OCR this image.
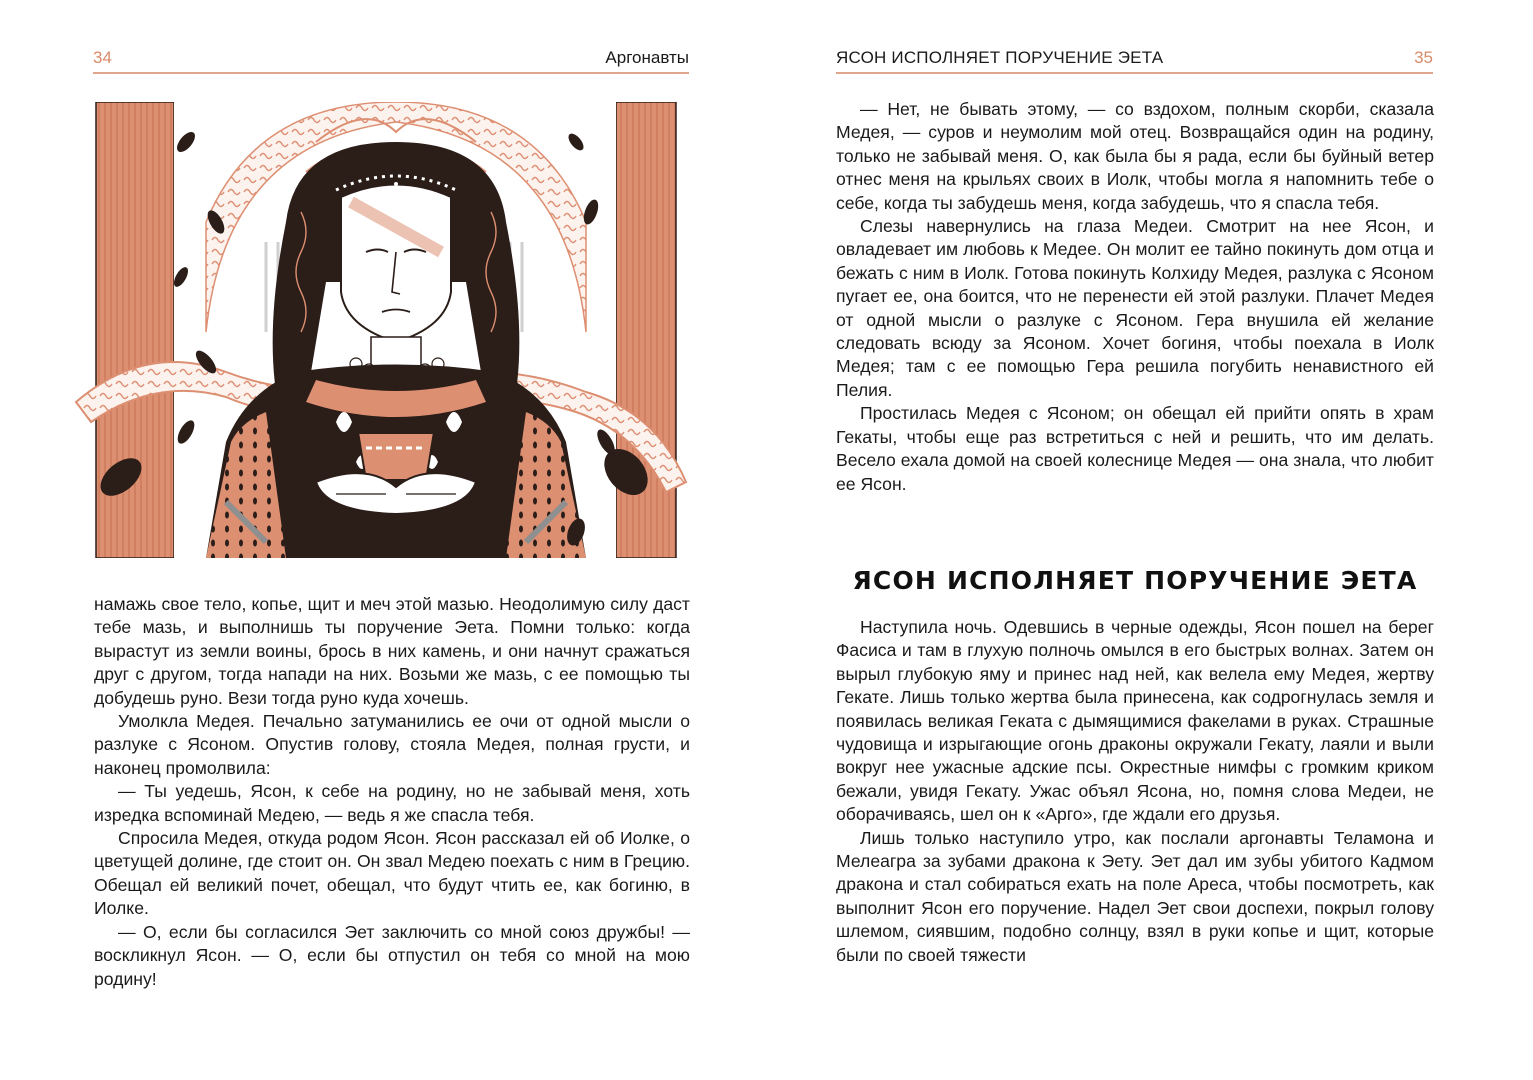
34	Аргонавты

намажь свое тело, копье, щит и меч этой мазью. Неодолимую силу даст тебе мазь, и выполнишь ты поручение Эета. Помни только: когда вырастут из земли воины, брось в них камень, и они начнут сражаться друг с другом, тогда напади на них. Возьми же мазь, с ее помощью ты добудешь руно. Вези тогда руно куда хочешь.

Умолкла Медея. Печально затуманились ее очи от одной мысли о разлуке с Ясоном. Опустив голову, стояла Медея, полная грусти, и наконец промолвила:

— Ты уедешь, Ясон, к себе на родину, но не забывай меня, хоть изредка вспоминай Медею, — ведь я же спасла тебя.

Спросила Медея, откуда родом Ясон. Ясон рассказал ей об Иолке, о цветущей долине, где стоит он. Он звал Медею поехать с ним в Грецию. Обещал ей великий почет, обещал, что будут чтить ее, как богиню, в Иолке.

— О, если бы согласился Эет заключить со мной союз дружбы! — воскликнул Ясон. — О, если бы отпустил он тебя со мной на мою родину!

ЯСОН ИСПОЛНЯЕТ ПОРУЧЕНИЕ ЭЕТА	35

— Нет, не бывать этому, — со вздохом, полным скорби, сказала Медея, — суров и неумолим мой отец. Возвращайся один на родину, только не забывай меня. О, как была бы я рада, если бы буйный ветер отнес меня на крыльях своих в Иолк, чтобы могла я напомнить тебе о себе, когда ты забудешь меня, когда забудешь, что я спасла тебя.

Слезы навернулись на глаза Медеи. Смотрит на нее Ясон, и овладевает им любовь к Медее. Он молит ее тайно покинуть дом отца и бежать с ним в Иолк. Готова покинуть Колхиду Медея, разлука с Ясоном пугает ее, она боится, что не перенести ей этой разлуки. Плачет Медея от одной мысли о разлуке с Ясоном. Гера внушила ей желание следовать всюду за Ясоном. Хочет богиня, чтобы поехала в Иолк Медея; там с ее помощью Гера решила погубить ненавистного ей Пелия.

Простилась Медея с Ясоном; он обещал ей прийти опять в храм Гекаты, чтобы еще раз встретиться с ней и решить, что им делать. Весело ехала домой на своей колеснице Медея — она знала, что любит ее Ясон.

ЯСОН ИСПОЛНЯЕТ ПОРУЧЕНИЕ ЭЕТА

Наступила ночь. Одевшись в черные одежды, Ясон пошел на берег Фасиса и там в глухую полночь омылся в его быстрых волнах. Затем он вырыл глубокую яму и принес над ней, как велела ему Медея, жертву Гекате. Лишь только жертва была принесена, как содрогнулась земля и появилась великая Геката с дымящимися факелами в руках. Страшные чудовища и изрыгающие огонь драконы окружали Гекату, лаяли и выли вокруг нее ужасные адские псы. Окрестные нимфы с громким криком бежали, увидя Гекату. Ужас объял Ясона, но, помня слова Медеи, не оборачиваясь, шел он к «Арго», где ждали его друзья.

Лишь только наступило утро, как послали аргонавты Теламона и Мелеагра за зубами дракона к Эету. Эет дал им зубы убитого Кадмом дракона и стал собираться ехать на поле Ареса, чтобы посмотреть, как выполнит Ясон его поручение. Надел Эет свои доспехи, покрыл голову шлемом, сиявшим, подобно солнцу, взял в руки копье и щит, которые были по своей тяжести
